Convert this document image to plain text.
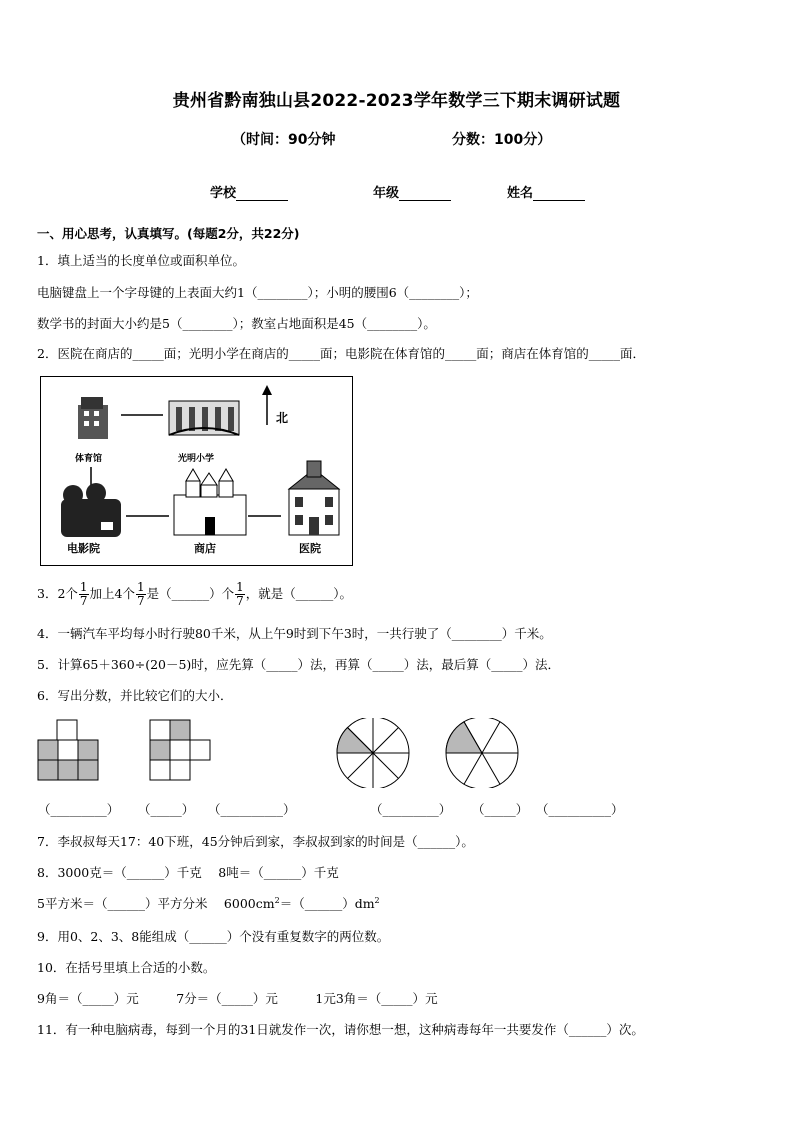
贵州省黔南独山县2022-2023学年数学三下期末调研试题
（时间：90分钟	分数：100分）
学校	年级	姓名
一、用心思考，认真填写。(每题2分，共22分)
1．填上适当的长度单位或面积单位。
电脑键盘上一个字母键的上表面大约1（________）；小明的腰围6（________）；
数学书的封面大小约是5（________）；教室占地面积是45（________）。
2．医院在商店的_____面；光明小学在商店的_____面；电影院在体育馆的_____面；商店在体育馆的_____面．
体育馆	光明小学
北
电影院	商店	医院
3．2个 $\frac{1}{7}$ 加上4个 $\frac{1}{7}$ 是（______）个 $\frac{1}{7}$ ，就是（______）。
4．一辆汽车平均每小时行驶80千米，从上午9时到下午3时，一共行驶了（________）千米。
5．计算65＋360÷(20－5)时，应先算（_____）法，再算（_____）法，最后算（_____）法．
6．写出分数，并比较它们的大小．
（_________） （_____） （__________）	（_________） （_____） （__________）
7．李叔叔每天17：40下班，45分钟后到家，李叔叔到家的时间是（______）。
8．3000克＝（______）千克　 8吨＝（______）千克
5平方米＝（______）平方分米　 $6000cm^2=(\_\_\_\_\_\_)dm^2$
9．用0、2、3、8能组成（______）个没有重复数字的两位数。
10．在括号里填上合适的小数。
9角＝（_____）元　　　7分＝（_____）元　　　1元3角＝（_____）元
11．有一种电脑病毒，每到一个月的31日就发作一次，请你想一想，这种病毒每年一共要发作（______）次。
